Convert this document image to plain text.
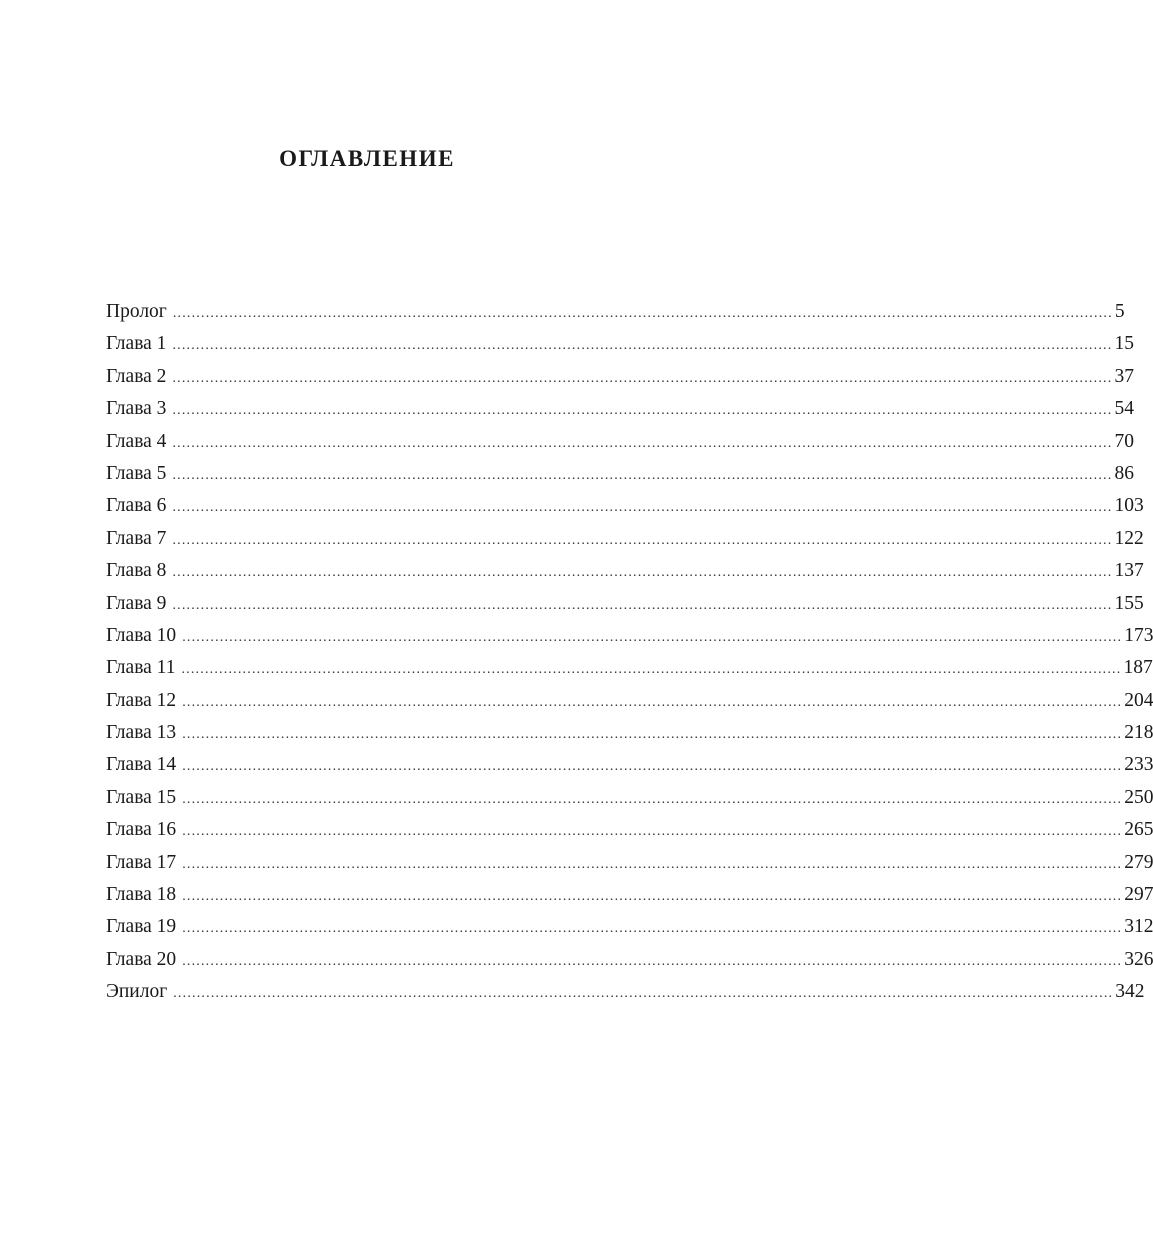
ОГЛАВЛЕНИЕ
Пролог ........................................................................................................................................................................................................ 5
Глава 1 ........................................................................................................................................................................................................ 15
Глава 2 ........................................................................................................................................................................................................ 37
Глава 3 ........................................................................................................................................................................................................ 54
Глава 4 ........................................................................................................................................................................................................ 70
Глава 5 ........................................................................................................................................................................................................ 86
Глава 6 ........................................................................................................................................................................................................ 103
Глава 7 ........................................................................................................................................................................................................ 122
Глава 8 ........................................................................................................................................................................................................ 137
Глава 9 ........................................................................................................................................................................................................ 155
Глава 10 ........................................................................................................................................................................................................ 173
Глава 11 ........................................................................................................................................................................................................ 187
Глава 12 ........................................................................................................................................................................................................ 204
Глава 13 ........................................................................................................................................................................................................ 218
Глава 14 ........................................................................................................................................................................................................ 233
Глава 15 ........................................................................................................................................................................................................ 250
Глава 16 ........................................................................................................................................................................................................ 265
Глава 17 ........................................................................................................................................................................................................ 279
Глава 18 ........................................................................................................................................................................................................ 297
Глава 19 ........................................................................................................................................................................................................ 312
Глава 20 ........................................................................................................................................................................................................ 326
Эпилог ........................................................................................................................................................................................................ 342
